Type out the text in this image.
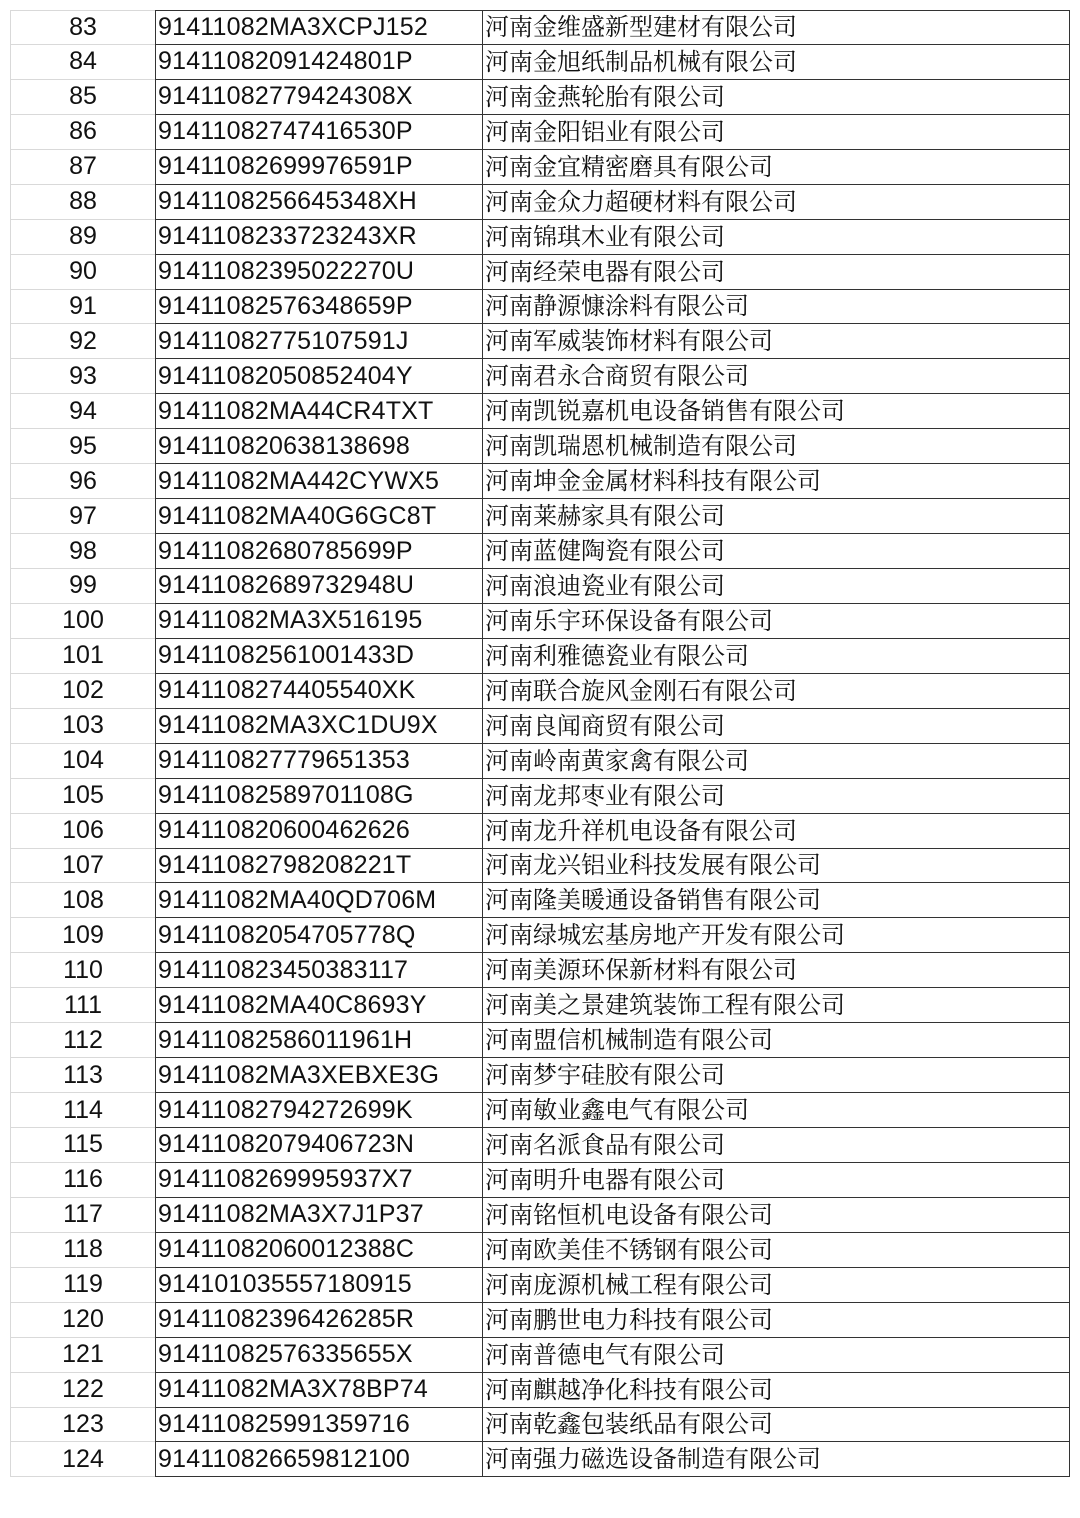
83	91411082MA3XCPJ152	河南金维盛新型建材有限公司
84	91411082091424801P	河南金旭纸制品机械有限公司
85	91411082779424308X	河南金燕轮胎有限公司
86	91411082747416530P	河南金阳铝业有限公司
87	91411082699976591P	河南金宜精密磨具有限公司
88	9141108256645348XH	河南金众力超硬材料有限公司
89	9141108233723243XR	河南锦琪木业有限公司
90	91411082395022270U	河南经荣电器有限公司
91	91411082576348659P	河南静源慷涂料有限公司
92	91411082775107591J	河南军威装饰材料有限公司
93	91411082050852404Y	河南君永合商贸有限公司
94	91411082MA44CR4TXT	河南凯锐嘉机电设备销售有限公司
95	914110820638138698	河南凯瑞恩机械制造有限公司
96	91411082MA442CYWX5	河南坤金金属材料科技有限公司
97	91411082MA40G6GC8T	河南莱赫家具有限公司
98	91411082680785699P	河南蓝健陶瓷有限公司
99	91411082689732948U	河南浪迪瓷业有限公司
100	91411082MA3X516195	河南乐宇环保设备有限公司
101	91411082561001433D	河南利雅德瓷业有限公司
102	9141108274405540XK	河南联合旋风金刚石有限公司
103	91411082MA3XC1DU9X	河南良闻商贸有限公司
104	914110827779651353	河南岭南黄家禽有限公司
105	91411082589701108G	河南龙邦枣业有限公司
106	914110820600462626	河南龙升祥机电设备有限公司
107	91411082798208221T	河南龙兴铝业科技发展有限公司
108	91411082MA40QD706M	河南隆美暖通设备销售有限公司
109	91411082054705778Q	河南绿城宏基房地产开发有限公司
110	914110823450383117	河南美源环保新材料有限公司
111	91411082MA40C8693Y	河南美之景建筑装饰工程有限公司
112	91411082586011961H	河南盟信机械制造有限公司
113	91411082MA3XEBXE3G	河南梦宇硅胶有限公司
114	91411082794272699K	河南敏业鑫电气有限公司
115	91411082079406723N	河南名派食品有限公司
116	9141108269995937X7	河南明升电器有限公司
117	91411082MA3X7J1P37	河南铭恒机电设备有限公司
118	91411082060012388C	河南欧美佳不锈钢有限公司
119	914101035557180915	河南庞源机械工程有限公司
120	91411082396426285R	河南鹏世电力科技有限公司
121	91411082576335655X	河南普德电气有限公司
122	91411082MA3X78BP74	河南麒越净化科技有限公司
123	914110825991359716	河南乾鑫包装纸品有限公司
124	914110826659812100	河南强力磁选设备制造有限公司
